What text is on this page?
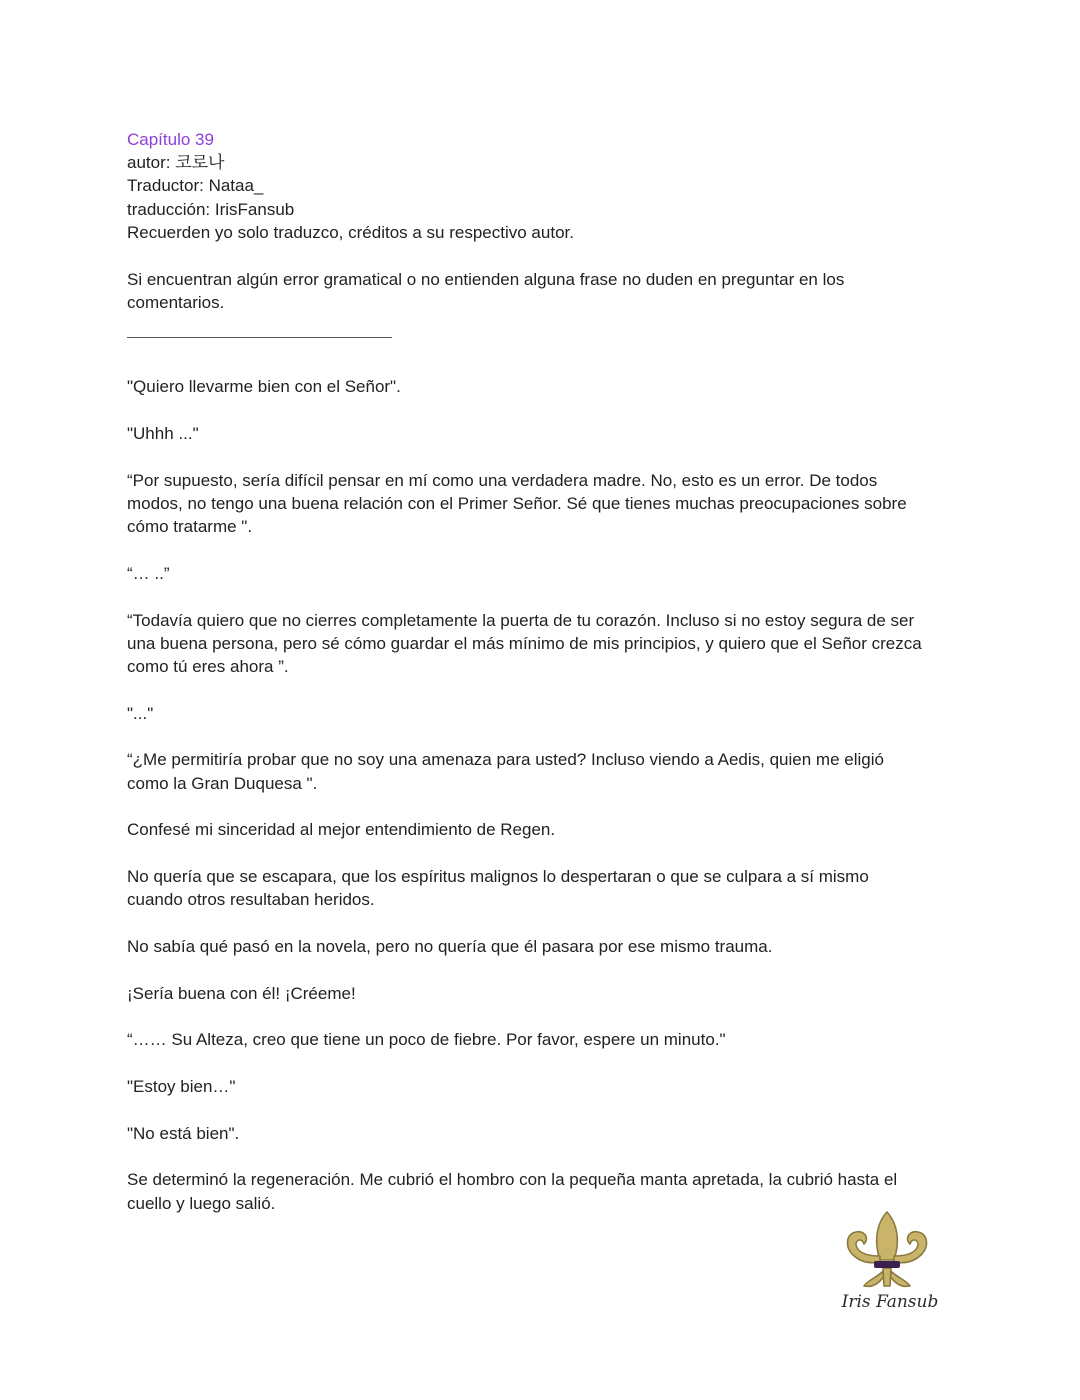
Capítulo 39
autor: 코로나
Traductor: Nataa_
traducción: IrisFansub
Recuerden yo solo traduzco, créditos a su respectivo autor.

Si encuentran algún error gramatical o no entienden alguna frase no duden en preguntar en los
comentarios.

"Quiero llevarme bien con el Señor".

"Uhhh ..."

“Por supuesto, sería difícil pensar en mí como una verdadera madre. No, esto es un error. De todos
modos, no tengo una buena relación con el Primer Señor. Sé que tienes muchas preocupaciones sobre
cómo tratarme ".

“… ..”

“Todavía quiero que no cierres completamente la puerta de tu corazón. Incluso si no estoy segura de ser
una buena persona, pero sé cómo guardar el más mínimo de mis principios, y quiero que el Señor crezca
como tú eres ahora ”.

"..."

“¿Me permitiría probar que no soy una amenaza para usted? Incluso viendo a Aedis, quien me eligió
como la Gran Duquesa ".

Confesé mi sinceridad al mejor entendimiento de Regen.

No quería que se escapara, que los espíritus malignos lo despertaran o que se culpara a sí mismo
cuando otros resultaban heridos.

No sabía qué pasó en la novela, pero no quería que él pasara por ese mismo trauma.

¡Sería buena con él! ¡Créeme!

“…… Su Alteza, creo que tiene un poco de fiebre. Por favor, espere un minuto."

"Estoy bien…"

"No está bien".

Se determinó la regeneración. Me cubrió el hombro con la pequeña manta apretada, la cubrió hasta el
cuello y luego salió.

Iris Fansub
